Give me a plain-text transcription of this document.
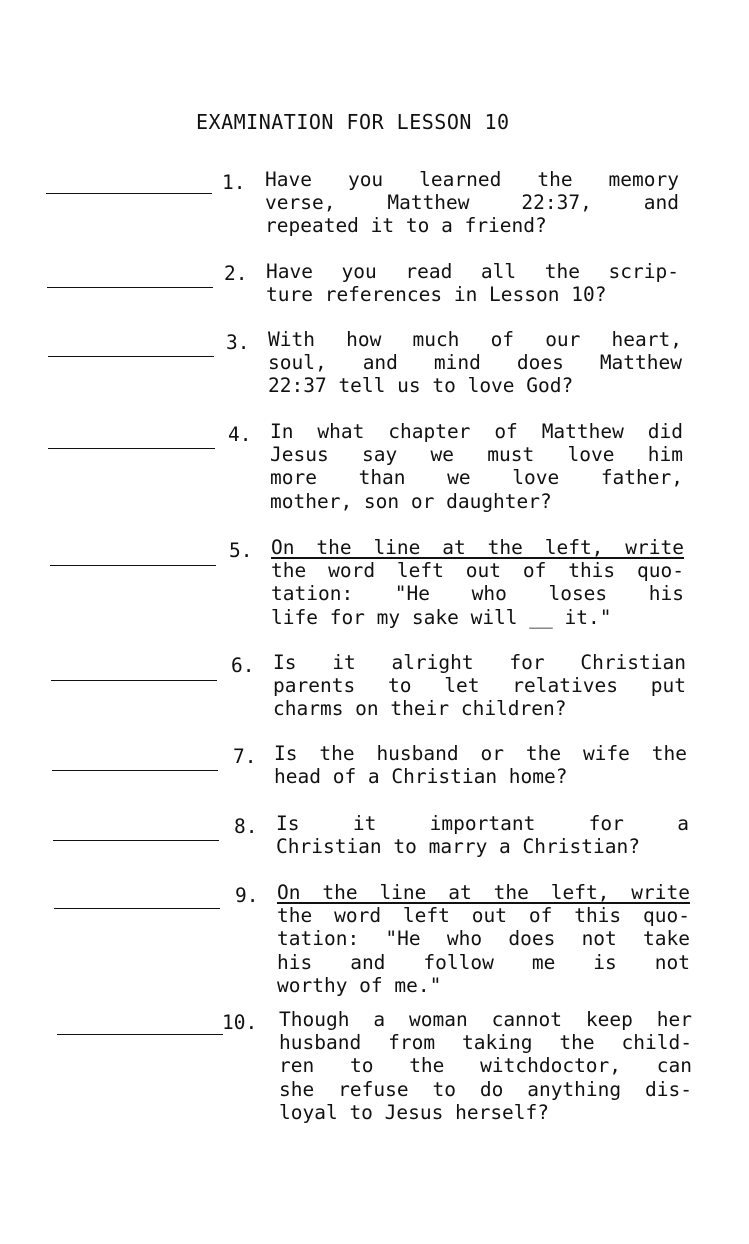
EXAMINATION FOR LESSON 10
1. Have you learned the memory
verse, Matthew 22:37, and
repeated it to a friend?
2. Have you read all the scrip-
ture references in Lesson 10?
3. With how much of our heart,
soul, and mind does Matthew
22:37 tell us to love God?
4. In what chapter of Matthew did
Jesus say we must love him
more than we love father,
mother, son or daughter?
5. On the line at the left, write
the word left out of this quo-
tation: "He who loses his
life for my sake will __ it."
6. Is it alright for Christian
parents to let relatives put
charms on their children?
7. Is the husband or the wife the
head of a Christian home?
8. Is it important for a
Christian to marry a Christian?
9. On the line at the left, write
the word left out of this quo-
tation: "He who does not take
his and follow me is not
worthy of me."
10. Though a woman cannot keep her
husband from taking the child-
ren to the witchdoctor, can
she refuse to do anything dis-
loyal to Jesus herself?
